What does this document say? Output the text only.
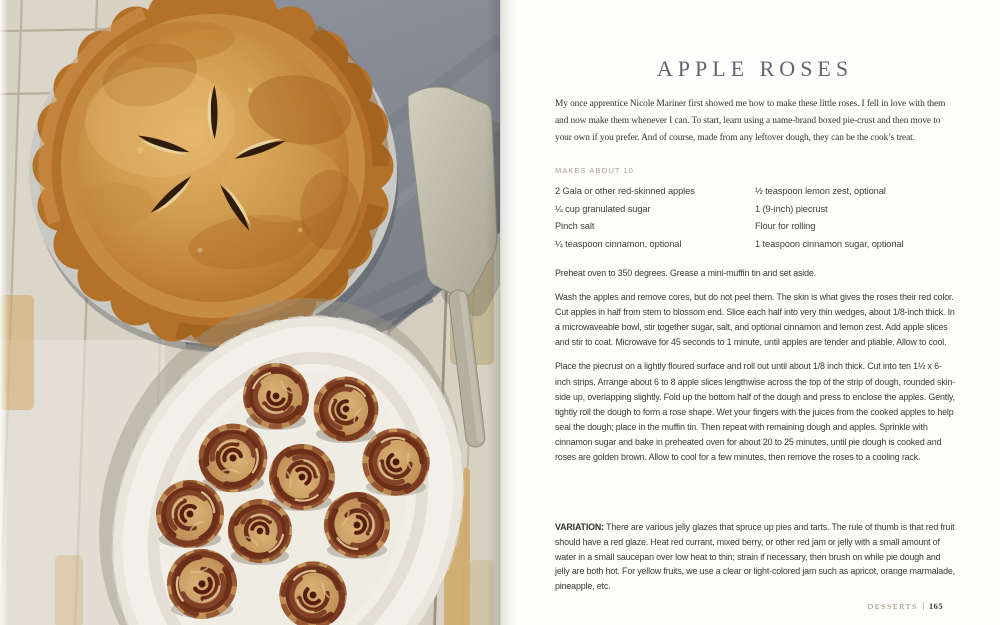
APPLE ROSES

My once apprentice Nicole Mariner first showed me how to make these little roses. I fell in love with them and now make them whenever I can. To start, learn using a name-brand boxed pie-crust and then move to your own if you prefer. And of course, made from any leftover dough, they can be the cook’s treat.

MAKES ABOUT 10
2 Gala or other red-skinned apples
¼ cup granulated sugar
Pinch salt
¼ teaspoon cinnamon, optional
½ teaspoon lemon zest, optional
1 (9-inch) piecrust
Flour for rolling
1 teaspoon cinnamon sugar, optional

Preheat oven to 350 degrees. Grease a mini-muffin tin and set aside.

Wash the apples and remove cores, but do not peel them. The skin is what gives the roses their red color. Cut apples in half from stem to blossom end. Slice each half into very thin wedges, about 1/8-inch thick. In a microwaveable bowl, stir together sugar, salt, and optional cinnamon and lemon zest. Add apple slices and stir to coat. Microwave for 45 seconds to 1 minute, until apples are tender and pliable. Allow to cool.

Place the piecrust on a lightly floured surface and roll out until about 1/8 inch thick. Cut into ten 1½ x 6-inch strips. Arrange about 6 to 8 apple slices lengthwise across the top of the strip of dough, rounded skin-side up, overlapping slightly. Fold up the bottom half of the dough and press to enclose the apples. Gently, tightly roll the dough to form a rose shape. Wet your fingers with the juices from the cooked apples to help seal the dough; place in the muffin tin. Then repeat with remaining dough and apples. Sprinkle with cinnamon sugar and bake in preheated oven for about 20 to 25 minutes, until pie dough is cooked and roses are golden brown. Allow to cool for a few minutes, then remove the roses to a cooling rack.

VARIATION: There are various jelly glazes that spruce up pies and tarts. The rule of thumb is that red fruit should have a red glaze. Heat red currant, mixed berry, or other red jam or jelly with a small amount of water in a small saucepan over low heat to thin; strain if necessary, then brush on while pie dough and jelly are both hot. For yellow fruits, we use a clear or light-colored jam such as apricot, orange marmalade, pineapple, etc.

DESSERTS 165
